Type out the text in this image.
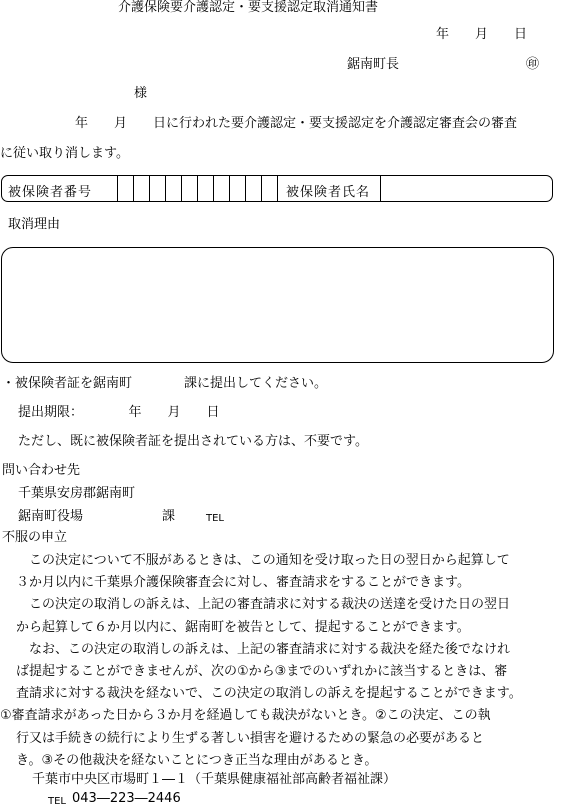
介護保険要介護認定・要支援認定取消通知書
年　　月　　日
鋸南町長	㊞
様
年　　月　　日に行われた要介護認定・要支援認定を介護認定審査会の審査
に従い取り消します。
被保険者番号	被保険者氏名
取消理由
・被保険者証を鋸南町　　　　課に提出してください。
提出期限：　　　　年　　月　　日
ただし、既に被保険者証を提出されている方は、不要です。
問い合わせ先
千葉県安房郡鋸南町
鋸南町役場	課	TEL
不服の申立
　この決定について不服があるときは、この通知を受け取った日の翌日から起算して
３か月以内に千葉県介護保険審査会に対し、審査請求をすることができます。
　この決定の取消しの訴えは、上記の審査請求に対する裁決の送達を受けた日の翌日
から起算して６か月以内に、鋸南町を被告として、提起することができます。
　なお、この決定の取消しの訴えは、上記の審査請求に対する裁決を経た後でなけれ
ば提起することができませんが、次の①から③までのいずれかに該当するときは、審
査請求に対する裁決を経ないで、この決定の取消しの訴えを提起することができます。
①審査請求があった日から３か月を経過しても裁決がないとき。②この決定、この執
行又は手続きの続行により生ずる著しい損害を避けるための緊急の必要があると
き。③その他裁決を経ないことにつき正当な理由があるとき。
千葉市中央区市場町１―１（千葉県健康福祉部高齢者福祉課）
TEL 043―223―2446
